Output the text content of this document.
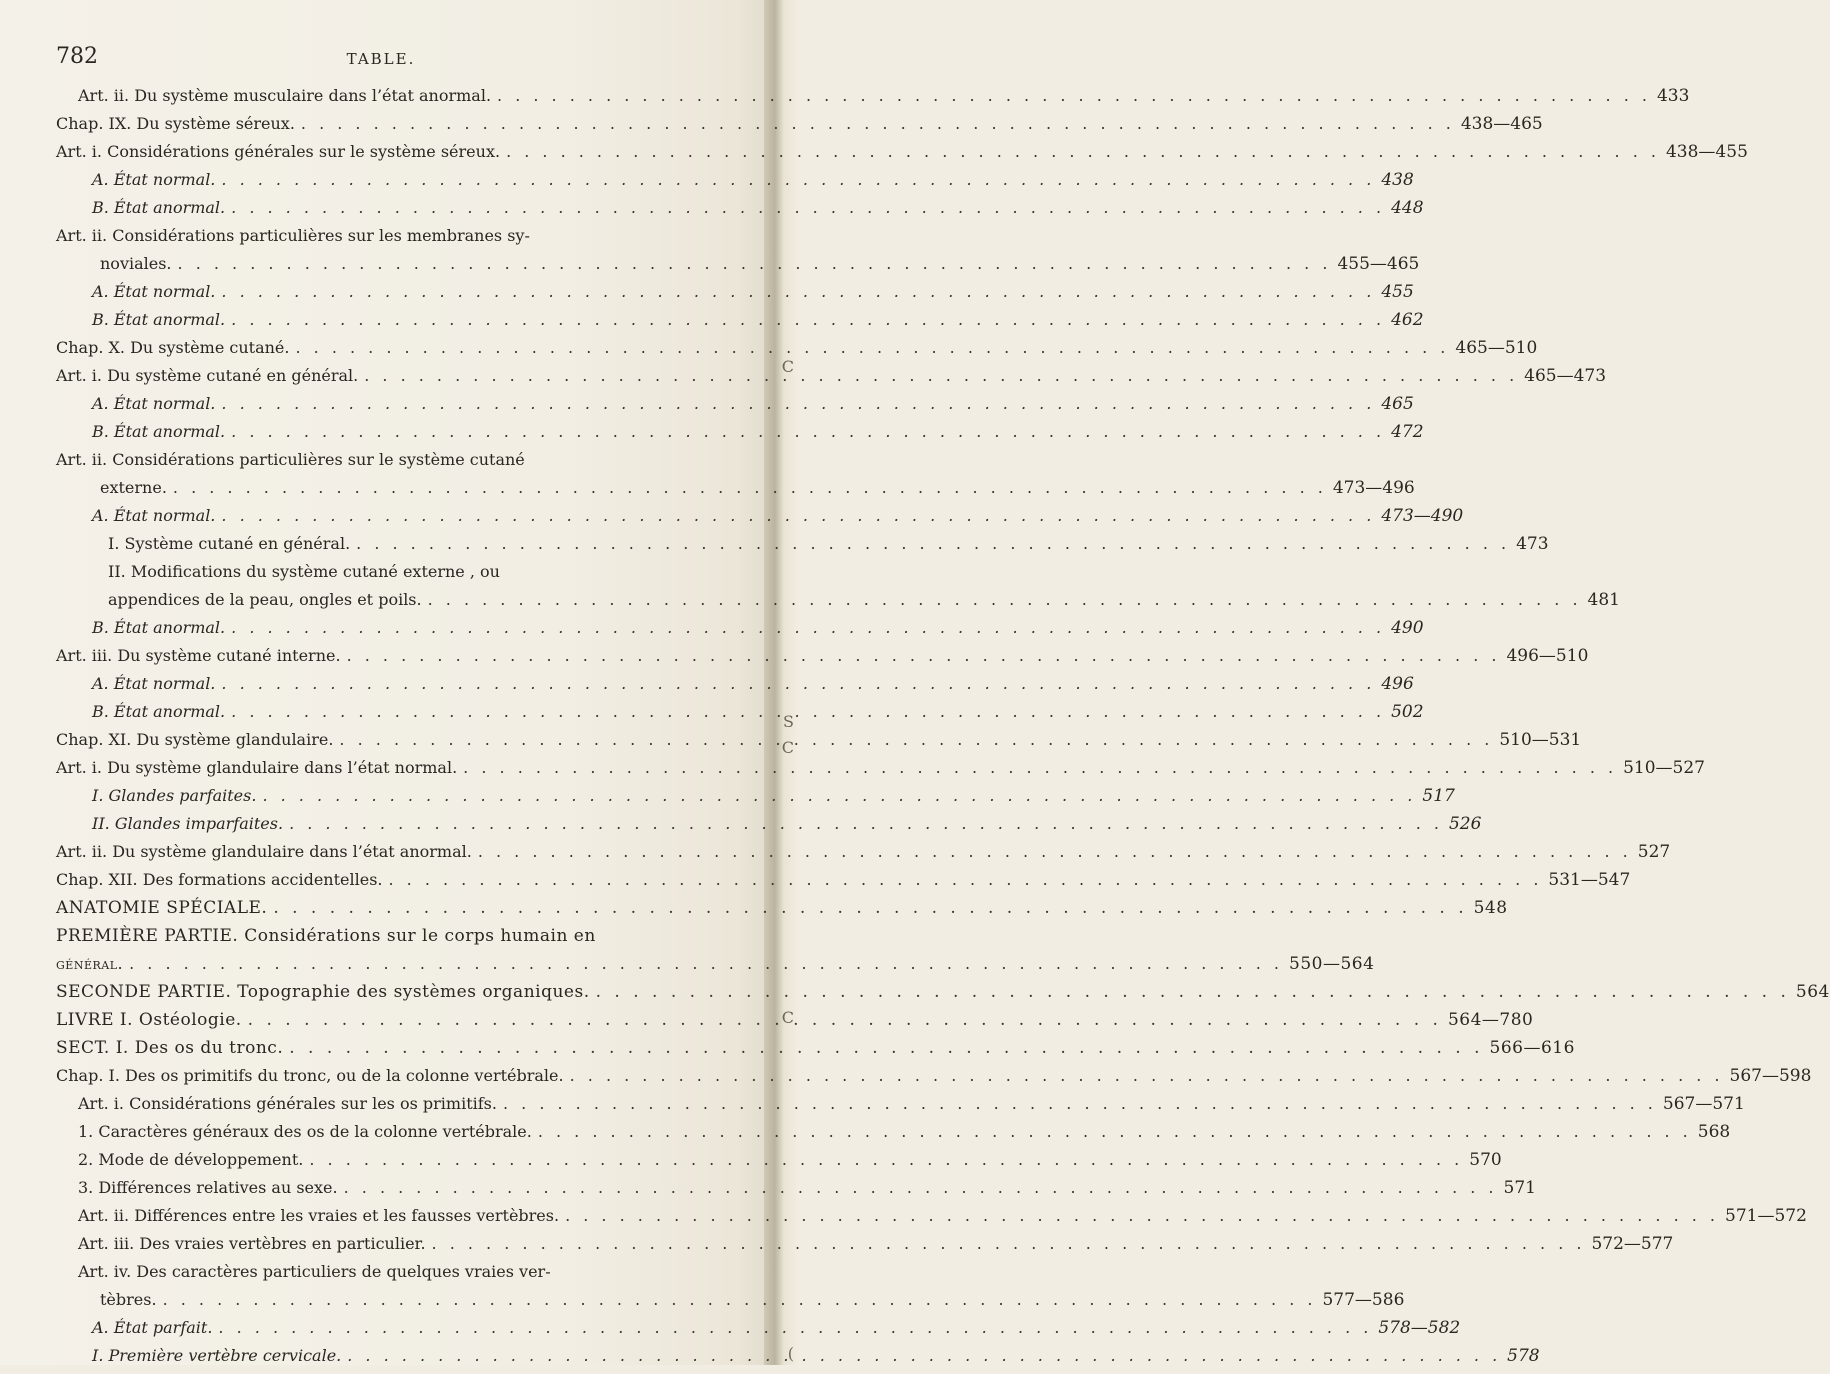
C
S
C
C
(
782	TABLE.
Art. ii. Du système musculaire dans l’état anormal. . . .	433
Chap. IX. Du système séreux. . . .	438—465
Art. i. Considérations générales sur le système séreux. . . .	438—455
A. État normal. . . .	438
B. État anormal. . . .	448
Art. ii. Considérations particulières sur les membranes sy-
noviales. . . .	455—465
A. État normal. . . .	455
B. État anormal. . . .	462
Chap. X. Du système cutané. . . .	465—510
Art. i. Du système cutané en général. . . .	465—473
A. État normal. . . .	465
B. État anormal. . . .	472
Art. ii. Considérations particulières sur le système cutané
externe. . . .	473—496
A. État normal. . . .	473—490
I. Système cutané en général. . . .	473
II. Modifications du système cutané externe , ou
appendices de la peau, ongles et poils. . . .	481
B. État anormal. . . .	490
Art. iii. Du système cutané interne. . . .	496—510
A. État normal. . . .	496
B. État anormal. . . .	502
Chap. XI. Du système glandulaire. . . .	510—531
Art. i. Du système glandulaire dans l’état normal. . . .	510—527
I. Glandes parfaites. . . .	517
II. Glandes imparfaites. . . .	526
Art. ii. Du système glandulaire dans l’état anormal. . . .	527
Chap. XII. Des formations accidentelles. . . .	531—547
ANATOMIE SPÉCIALE. . . .	548
PREMIÈRE PARTIE. Considérations sur le corps humain en
général. . . .	550—564
SECONDE PARTIE. Topographie des systèmes organiques. . . .	564
LIVRE I. Ostéologie. . . .	564—780
SECT. I. Des os du tronc. . . .	566—616
Chap. I. Des os primitifs du tronc, ou de la colonne vertébrale. . . .	567—598
Art. i. Considérations générales sur les os primitifs. . . .	567—571
1. Caractères généraux des os de la colonne vertébrale. . . .	568
2. Mode de développement. . . .	570
3. Différences relatives au sexe. . . .	571
Art. ii. Différences entre les vraies et les fausses vertèbres. . . .	571—572
Art. iii. Des vraies vertèbres en particulier. . . .	572—577
Art. iv. Des caractères particuliers de quelques vraies ver-
tèbres. . . .	577—586
A. État parfait. . . .	578—582
I. Première vertèbre cervicale. . . .	578
